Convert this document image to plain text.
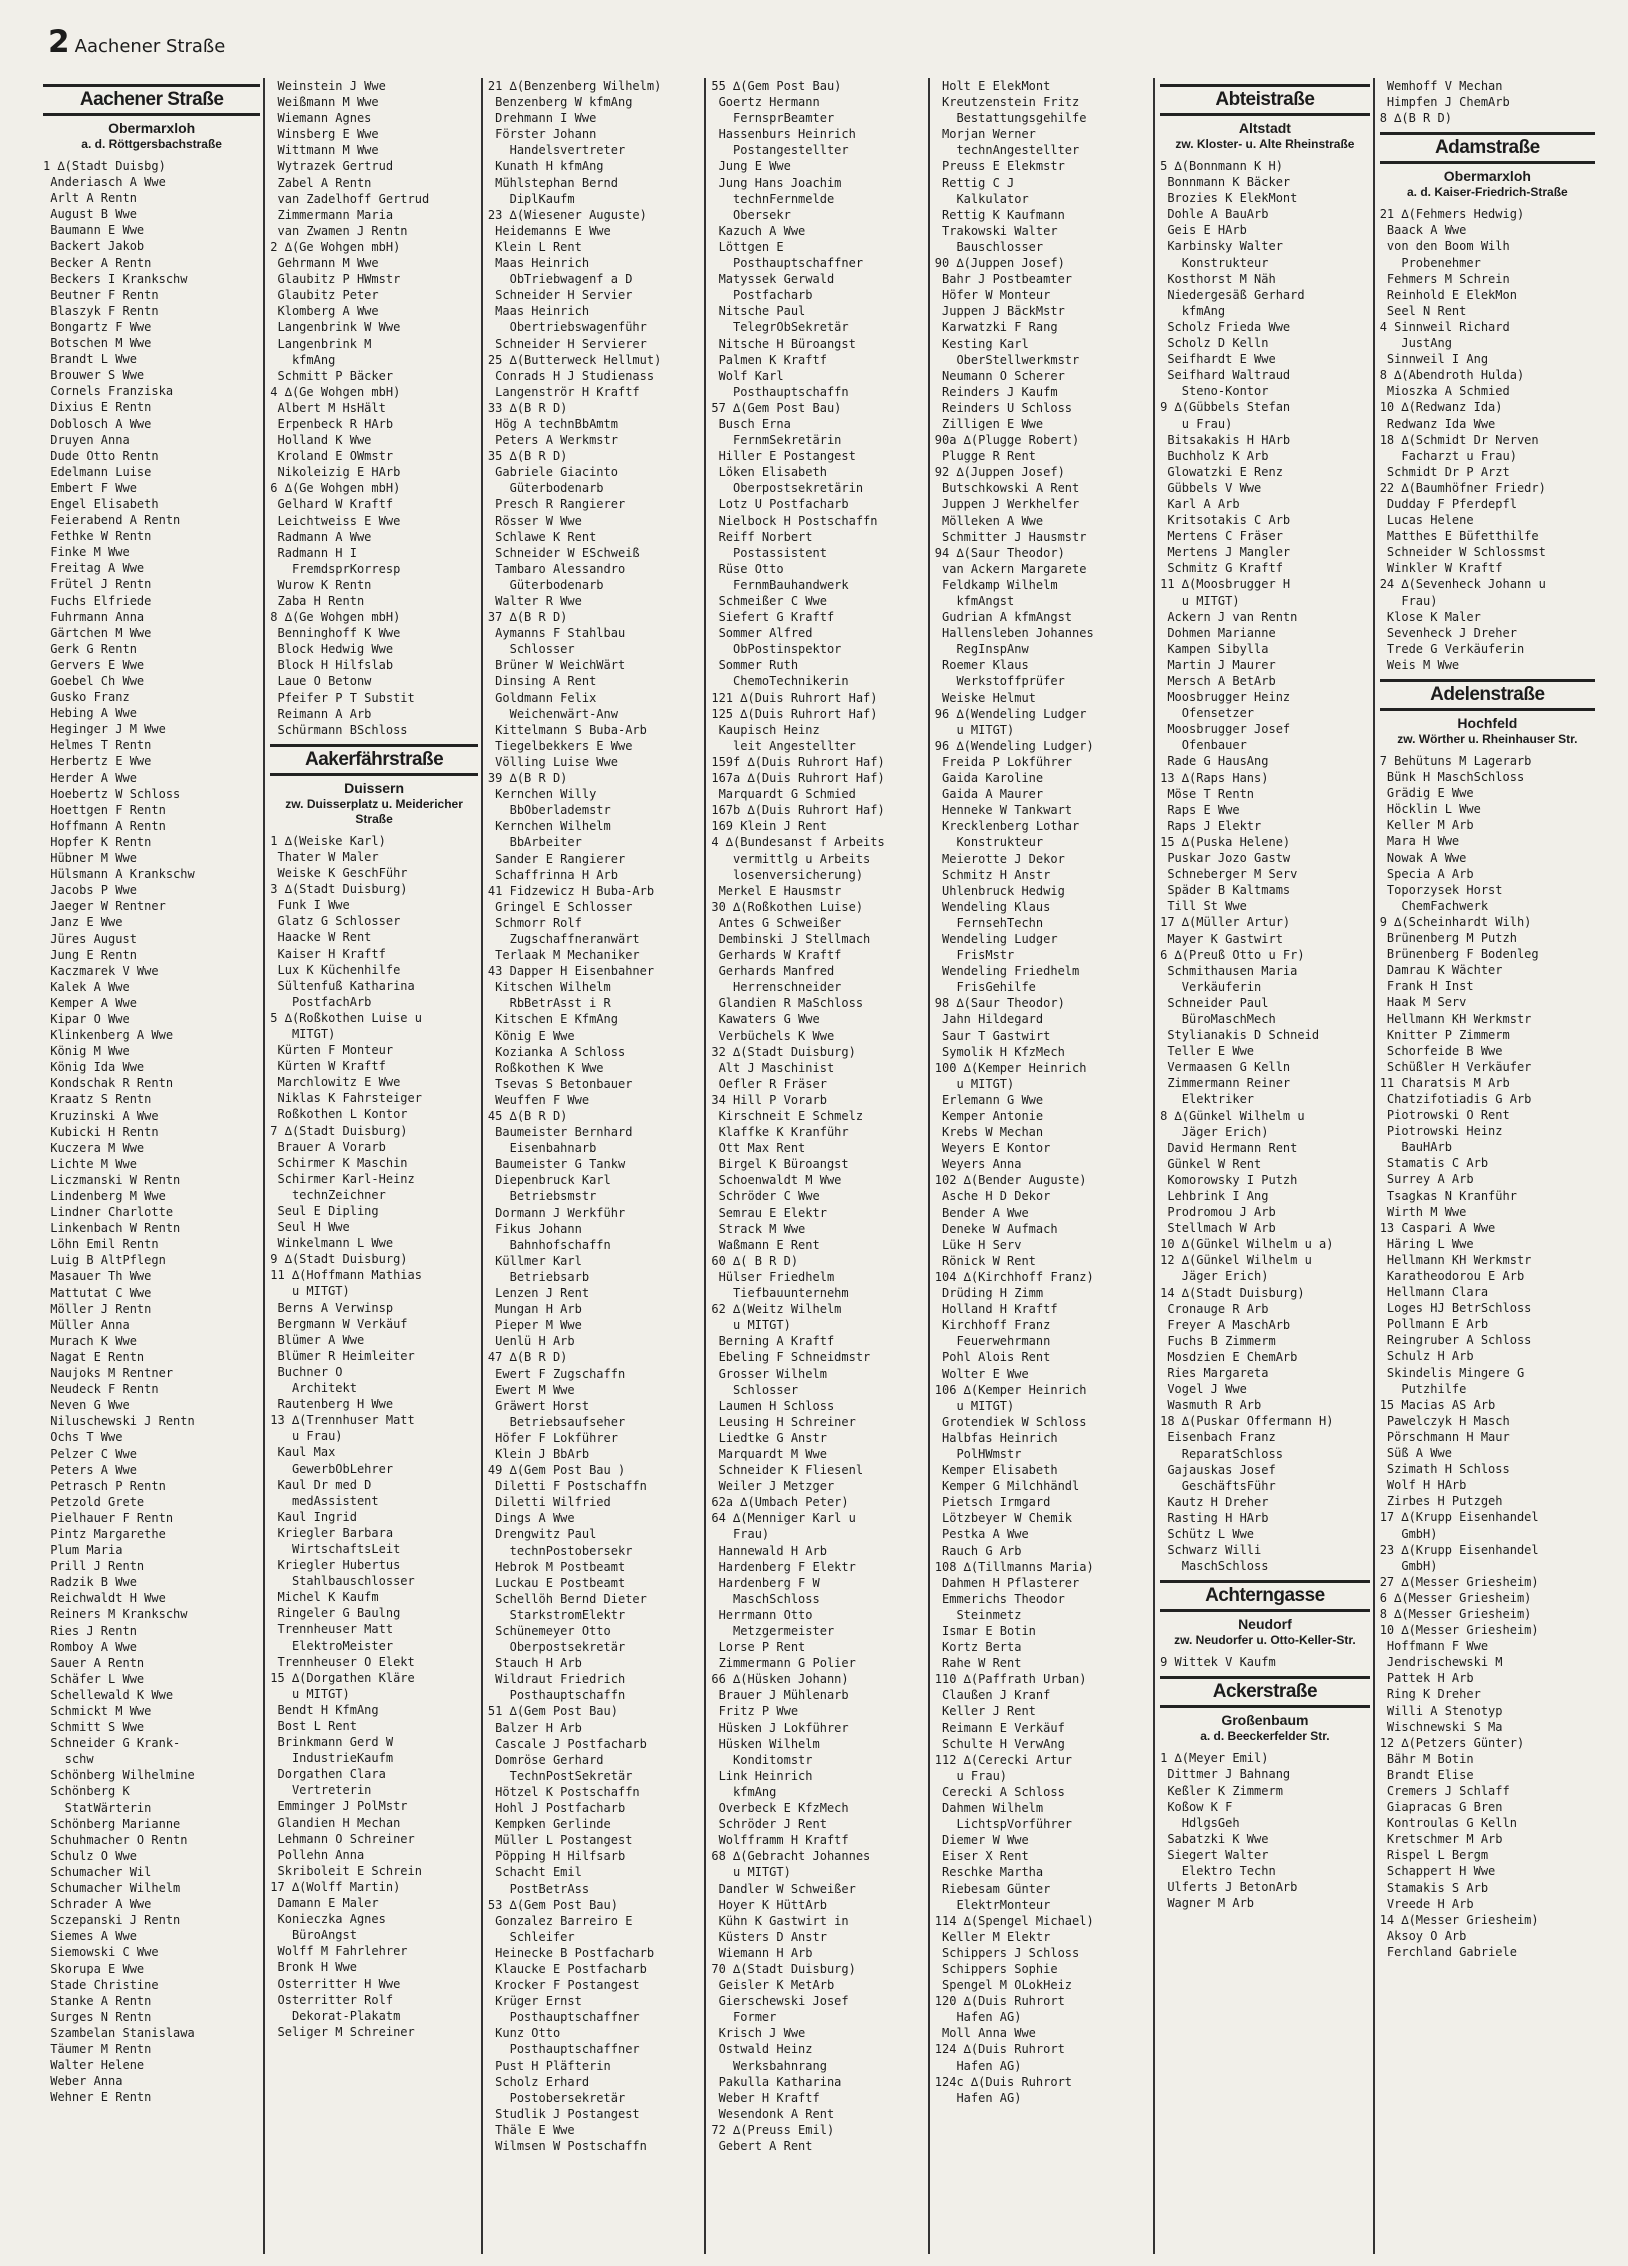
2 Aachener Straße
Aachener Straße
Obermarxloh
a. d. Röttgersbachstraße
1 ∆(Stadt Duisbg)
Anderiasch A Wwe
Arlt A Rentn
August B Wwe
Baumann E Wwe
Backert Jakob
Becker A Rentn
Beckers I Krankschw
Beutner F Rentn
Blaszyk F Rentn
Bongartz F Wwe
Botschen M Wwe
Brandt L Wwe
Brouwer S Wwe
Cornels Franziska
Dixius E Rentn
Doblosch A Wwe
Druyen Anna
Dude Otto Rentn
Edelmann Luise
Embert F Wwe
Engel Elisabeth
Feierabend A Rentn
Fethke W Rentn
Finke M Wwe
Freitag A Wwe
Frütel J Rentn
Fuchs Elfriede
Fuhrmann Anna
Gärtchen M Wwe
Gerk G Rentn
Gervers E Wwe
Goebel Ch Wwe
Gusko Franz
Hebing A Wwe
Heginger J M Wwe
Helmes T Rentn
Herbertz E Wwe
Herder A Wwe
Hoebertz W Schloss
Hoettgen F Rentn
Hoffmann A Rentn
Hopfer K Rentn
Hübner M Wwe
Hülsmann A Krankschw
Jacobs P Wwe
Jaeger W Rentner
Janz E Wwe
Jüres August
Jung E Rentn
Kaczmarek V Wwe
Kalek A Wwe
Kemper A Wwe
Kipar O Wwe
Klinkenberg A Wwe
König M Wwe
König Ida Wwe
Kondschak R Rentn
Kraatz S Rentn
Kruzinski A Wwe
Kubicki H Rentn
Kuczera M Wwe
Lichte M Wwe
Liczmanski W Rentn
Lindenberg M Wwe
Lindner Charlotte
Linkenbach W Rentn
Löhn Emil Rentn
Luig B AltPflegn
Masauer Th Wwe
Mattutat C Wwe
Möller J Rentn
Müller Anna
Murach K Wwe
Nagat E Rentn
Naujoks M Rentner
Neudeck F Rentn
Neven G Wwe
Niluschewski J Rentn
Ochs T Wwe
Pelzer C Wwe
Peters A Wwe
Petrasch P Rentn
Petzold Grete
Pielhauer F Rentn
Pintz Margarethe
Plum Maria
Prill J Rentn
Radzik B Wwe
Reichwaldt H Wwe
Reiners M Krankschw
Ries J Rentn
Romboy A Wwe
Sauer A Rentn
Schäfer L Wwe
Schellewald K Wwe
Schmickt M Wwe
Schmitt S Wwe
Schneider G Krank-
schw
Schönberg Wilhelmine
Schönberg K
StatWärterin
Schönberg Marianne
Schuhmacher O Rentn
Schulz O Wwe
Schumacher Wil
Schumacher Wilhelm
Schrader A Wwe
Sczepanski J Rentn
Siemes A Wwe
Siemowski C Wwe
Skorupa E Wwe
Stade Christine
Stanke A Rentn
Surges N Rentn
Szambelan Stanislawa
Täumer M Rentn
Walter Helene
Weber Anna
Wehner E Rentn
Weinstein J Wwe
Weißmann M Wwe
Wiemann Agnes
Winsberg E Wwe
Wittmann M Wwe
Wytrazek Gertrud
Zabel A Rentn
van Zadelhoff Gertrud
Zimmermann Maria
van Zwamen J Rentn
2 ∆(Ge Wohgen mbH)
Gehrmann M Wwe
Glaubitz P HWmstr
Glaubitz Peter
Klomberg A Wwe
Langenbrink W Wwe
Langenbrink M
kfmAng
Schmitt P Bäcker
4 ∆(Ge Wohgen mbH)
Albert M HsHält
Erpenbeck R HArb
Holland K Wwe
Kroland E OWmstr
Nikoleizig E HArb
6 ∆(Ge Wohgen mbH)
Gelhard W Kraftf
Leichtweiss E Wwe
Radmann A Wwe
Radmann H I
FremdsprKorresp
Wurow K Rentn
Zaba H Rentn
8 ∆(Ge Wohgen mbH)
Benninghoff K Wwe
Block Hedwig Wwe
Block H Hilfslab
Laue O Betonw
Pfeifer P T Substit
Reimann A Arb
Schürmann BSchloss
Aakerfährstraße
Duissern
zw. Duisserplatz u. Meidericher Straße
1 ∆(Weiske Karl)
Thater W Maler
Weiske K GeschFühr
3 ∆(Stadt Duisburg)
Funk I Wwe
Glatz G Schlosser
Haacke W Rent
Kaiser H Kraftf
Lux K Küchenhilfe
Sültenfuß Katharina
PostfachArb
5 ∆(Roßkothen Luise u
MITGT)
Kürten F Monteur
Kürten W Kraftf
Marchlowitz E Wwe
Niklas K Fahrsteiger
Roßkothen L Kontor
7 ∆(Stadt Duisburg)
Brauer A Vorarb
Schirmer K Maschin
Schirmer Karl-Heinz
technZeichner
Seul E Dipling
Seul H Wwe
Winkelmann L Wwe
9 ∆(Stadt Duisburg)
11 ∆(Hoffmann Mathias
u MITGT)
Berns A Verwinsp
Bergmann W Verkäuf
Blümer A Wwe
Blümer R Heimleiter
Buchner O
Architekt
Rautenberg H Wwe
13 ∆(Trennhuser Matt
u Frau)
Kaul Max
GewerbObLehrer
Kaul Dr med D
medAssistent
Kaul Ingrid
Kriegler Barbara
WirtschaftsLeit
Kriegler Hubertus
Stahlbauschlosser
Michel K Kaufm
Ringeler G Baulng
Trennheuser Matt
ElektroMeister
Trennheuser O Elekt
15 ∆(Dorgathen Kläre
u MITGT)
Bendt H KfmAng
Bost L Rent
Brinkmann Gerd W
IndustrieKaufm
Dorgathen Clara
Vertreterin
Emminger J PolMstr
Glandien H Mechan
Lehmann O Schreiner
Pollehn Anna
Skriboleit E Schrein
17 ∆(Wolff Martin)
Damann E Maler
Konieczka Agnes
BüroAngst
Wolff M Fahrlehrer
Bronk H Wwe
Osterritter H Wwe
Osterritter Rolf
Dekorat-Plakatm
Seliger M Schreiner
21 ∆(Benzenberg Wilhelm)
Benzenberg W kfmAng
Drehmann I Wwe
Förster Johann
Handelsvertreter
Kunath H kfmAng
Mühlstephan Bernd
DiplKaufm
23 ∆(Wiesener Auguste)
Heidemanns E Wwe
Klein L Rent
Maas Heinrich
ObTriebwagenf a D
Schneider H Servier
Maas Heinrich
Obertriebswagenführ
Schneider H Servierer
25 ∆(Butterweck Hellmut)
Conrads H J Studienass
Langenströr H Kraftf
33 ∆(B R D)
Hög A technBbAmtm
Peters A Werkmstr
35 ∆(B R D)
Gabriele Giacinto
Güterbodenarb
Presch R Rangierer
Rösser W Wwe
Schlawe K Rent
Schneider W ESchweiß
Tambaro Alessandro
Güterbodenarb
Walter R Wwe
37 ∆(B R D)
Aymanns F Stahlbau
Schlosser
Brüner W WeichWärt
Dinsing A Rent
Goldmann Felix
Weichenwärt-Anw
Kittelmann S Buba-Arb
Tiegelbekkers E Wwe
Völling Luise Wwe
39 ∆(B R D)
Kernchen Willy
BbOberlademstr
Kernchen Wilhelm
BbArbeiter
Sander E Rangierer
Schaffrinna H Arb
41 Fidzewicz H Buba-Arb
Gringel E Schlosser
Schmorr Rolf
Zugschaffneranwärt
Terlaak M Mechaniker
43 Dapper H Eisenbahner
Kitschen Wilhelm
RbBetrAsst i R
Kitschen E KfmAng
König E Wwe
Kozianka A Schloss
Roßkothen K Wwe
Tsevas S Betonbauer
Weuffen F Wwe
45 ∆(B R D)
Baumeister Bernhard
Eisenbahnarb
Baumeister G Tankw
Diepenbruck Karl
Betriebsmstr
Dormann J Werkführ
Fikus Johann
Bahnhofschaffn
Küllmer Karl
Betriebsarb
Lenzen J Rent
Mungan H Arb
Pieper M Wwe
Uenlü H Arb
47 ∆(B R D)
Ewert F Zugschaffn
Ewert M Wwe
Gräwert Horst
Betriebsaufseher
Höfer F Lokführer
Klein J BbArb
49 ∆(Gem Post Bau )
Diletti F Postschaffn
Diletti Wilfried
Dings A Wwe
Drengwitz Paul
technPostobersekr
Hebrok M Postbeamt
Luckau E Postbeamt
Schellöh Bernd Dieter
StarkstromElektr
Schünemeyer Otto
Oberpostsekretär
Stauch H Arb
Wildraut Friedrich
Posthauptschaffn
51 ∆(Gem Post Bau)
Balzer H Arb
Cascale J Postfacharb
Domröse Gerhard
TechnPostSekretär
Hötzel K Postschaffn
Hohl J Postfacharb
Kempken Gerlinde
Müller L Postangest
Pöpping H Hilfsarb
Schacht Emil
PostBetrAss
53 ∆(Gem Post Bau)
Gonzalez Barreiro E
Schleifer
Heinecke B Postfacharb
Klaucke E Postfacharb
Krocker F Postangest
Krüger Ernst
Posthauptschaffner
Kunz Otto
Posthauptschaffner
Pust H Pläfterin
Scholz Erhard
Postobersekretär
Studlik J Postangest
Thäle E Wwe
Wilmsen W Postschaffn
55 ∆(Gem Post Bau)
Goertz Hermann
FernsprBeamter
Hassenburs Heinrich
Postangestellter
Jung E Wwe
Jung Hans Joachim
technFernmelde
Obersekr
Kazuch A Wwe
Löttgen E
Posthauptschaffner
Matyssek Gerwald
Postfacharb
Nitsche Paul
TelegrObSekretär
Nitsche H Büroangst
Palmen K Kraftf
Wolf Karl
Posthauptschaffn
57 ∆(Gem Post Bau)
Busch Erna
FernmSekretärin
Hiller E Postangest
Löken Elisabeth
Oberpostsekretärin
Lotz U Postfacharb
Nielbock H Postschaffn
Reiff Norbert
Postassistent
Rüse Otto
FernmBauhandwerk
Schmeißer C Wwe
Siefert G Kraftf
Sommer Alfred
ObPostinspektor
Sommer Ruth
ChemoTechnikerin
121 ∆(Duis Ruhrort Haf)
125 ∆(Duis Ruhrort Haf)
Kaupisch Heinz
leit Angestellter
159f ∆(Duis Ruhrort Haf)
167a ∆(Duis Ruhrort Haf)
Marquardt G Schmied
167b ∆(Duis Ruhrort Haf)
169 Klein J Rent
4 ∆(Bundesanst f Arbeits
vermittlg u Arbeits
losenversicherung)
Merkel E Hausmstr
30 ∆(Roßkothen Luise)
Antes G Schweißer
Dembinski J Stellmach
Gerhards W Kraftf
Gerhards Manfred
Herrenschneider
Glandien R MaSchloss
Kawaters G Wwe
Verbüchels K Wwe
32 ∆(Stadt Duisburg)
Alt J Maschinist
Oefler R Fräser
34 Hill P Vorarb
Kirschneit E Schmelz
Klaffke K Kranführ
Ott Max Rent
Birgel K Büroangst
Schoenwaldt M Wwe
Schröder C Wwe
Semrau E Elektr
Strack M Wwe
Waßmann E Rent
60 ∆( B R D)
Hülser Friedhelm
Tiefbauunternehm
62 ∆(Weitz Wilhelm
u MITGT)
Berning A Kraftf
Ebeling F Schneidmstr
Grosser Wilhelm
Schlosser
Laumen H Schloss
Leusing H Schreiner
Liedtke G Anstr
Marquardt M Wwe
Schneider K Fliesenl
Weiler J Metzger
62a ∆(Umbach Peter)
64 ∆(Menniger Karl u
Frau)
Hannewald H Arb
Hardenberg F Elektr
Hardenberg F W
MaschSchloss
Herrmann Otto
Metzgermeister
Lorse P Rent
Zimmermann G Polier
66 ∆(Hüsken Johann)
Brauer J Mühlenarb
Fritz P Wwe
Hüsken J Lokführer
Hüsken Wilhelm
Konditomstr
Link Heinrich
kfmAng
Overbeck E KfzMech
Schröder J Rent
Wolfframm H Kraftf
68 ∆(Gebracht Johannes
u MITGT)
Dandler W Schweißer
Hoyer K HüttArb
Kühn K Gastwirt in
Küsters D Anstr
Wiemann H Arb
70 ∆(Stadt Duisburg)
Geisler K MetArb
Gierschewski Josef
Former
Krisch J Wwe
Ostwald Heinz
Werksbahnrang
Pakulla Katharina
Weber H Kraftf
Wesendonk A Rent
72 ∆(Preuss Emil)
Gebert A Rent
Holt E ElekMont
Kreutzenstein Fritz
Bestattungsgehilfe
Morjan Werner
technAngestellter
Preuss E Elekmstr
Rettig C J
Kalkulator
Rettig K Kaufmann
Trakowski Walter
Bauschlosser
90 ∆(Juppen Josef)
Bahr J Postbeamter
Höfer W Monteur
Juppen J BäckMstr
Karwatzki F Rang
Kesting Karl
OberStellwerkmstr
Neumann O Scherer
Reinders J Kaufm
Reinders U Schloss
Zilligen E Wwe
90a ∆(Plugge Robert)
Plugge R Rent
92 ∆(Juppen Josef)
Butschkowski A Rent
Juppen J Werkhelfer
Mölleken A Wwe
Schmitter J Hausmstr
94 ∆(Saur Theodor)
van Ackern Margarete
Feldkamp Wilhelm
kfmAngst
Gudrian A kfmAngst
Hallensleben Johannes
RegInspAnw
Roemer Klaus
Werkstoffprüfer
Weiske Helmut
96 ∆(Wendeling Ludger
u MITGT)
96 ∆(Wendeling Ludger)
Freida P Lokführer
Gaida Karoline
Gaida A Maurer
Henneke W Tankwart
Krecklenberg Lothar
Konstrukteur
Meierotte J Dekor
Schmitz H Anstr
Uhlenbruck Hedwig
Wendeling Klaus
FernsehTechn
Wendeling Ludger
FrisMstr
Wendeling Friedhelm
FrisGehilfe
98 ∆(Saur Theodor)
Jahn Hildegard
Saur T Gastwirt
Symolik H KfzMech
100 ∆(Kemper Heinrich
u MITGT)
Erlemann G Wwe
Kemper Antonie
Krebs W Mechan
Weyers E Kontor
Weyers Anna
102 ∆(Bender Auguste)
Asche H D Dekor
Bender A Wwe
Deneke W Aufmach
Lüke H Serv
Rönick W Rent
104 ∆(Kirchhoff Franz)
Drüding H Zimm
Holland H Kraftf
Kirchhoff Franz
Feuerwehrmann
Pohl Alois Rent
Wolter E Wwe
106 ∆(Kemper Heinrich
u MITGT)
Grotendiek W Schloss
Halbfas Heinrich
PolHWmstr
Kemper Elisabeth
Kemper G Milchhändl
Pietsch Irmgard
Lötzbeyer W Chemik
Pestka A Wwe
Rauch G Arb
108 ∆(Tillmanns Maria)
Dahmen H Pflasterer
Emmerichs Theodor
Steinmetz
Ismar E Botin
Kortz Berta
Rahe W Rent
110 ∆(Paffrath Urban)
Claußen J Kranf
Keller J Rent
Reimann E Verkäuf
Schulte H VerwAng
112 ∆(Cerecki Artur
u Frau)
Cerecki A Schloss
Dahmen Wilhelm
LichtspVorführer
Diemer W Wwe
Eiser X Rent
Reschke Martha
Riebesam Günter
ElektrMonteur
114 ∆(Spengel Michael)
Keller M Elektr
Schippers J Schloss
Schippers Sophie
Spengel M OLokHeiz
120 ∆(Duis Ruhrort
Hafen AG)
Moll Anna Wwe
124 ∆(Duis Ruhrort
Hafen AG)
124c ∆(Duis Ruhrort
Hafen AG)
Abteistraße
Altstadt
zw. Kloster- u. Alte Rheinstraße
5 ∆(Bonnmann K H)
Bonnmann K Bäcker
Brozies K ElekMont
Dohle A BauArb
Geis E HArb
Karbinsky Walter
Konstrukteur
Kosthorst M Näh
Niedergesäß Gerhard
kfmAng
Scholz Frieda Wwe
Scholz D Kelln
Seifhardt E Wwe
Seifhard Waltraud
Steno-Kontor
9 ∆(Gübbels Stefan
u Frau)
Bitsakakis H HArb
Buchholz K Arb
Glowatzki E Renz
Gübbels V Wwe
Karl A Arb
Kritsotakis C Arb
Mertens C Fräser
Mertens J Mangler
Schmitz G Kraftf
11 ∆(Moosbrugger H
u MITGT)
Ackern J van Rentn
Dohmen Marianne
Kampen Sibylla
Martin J Maurer
Mersch A BetArb
Moosbrugger Heinz
Ofensetzer
Moosbrugger Josef
Ofenbauer
Rade G HausAng
13 ∆(Raps Hans)
Möse T Rentn
Raps E Wwe
Raps J Elektr
15 ∆(Puska Helene)
Puskar Jozo Gastw
Schneberger M Serv
Späder B Kaltmams
Till St Wwe
17 ∆(Müller Artur)
Mayer K Gastwirt
6 ∆(Preuß Otto u Fr)
Schmithausen Maria
Verkäuferin
Schneider Paul
BüroMaschMech
Stylianakis D Schneid
Teller E Wwe
Vermaasen G Kelln
Zimmermann Reiner
Elektriker
8 ∆(Günkel Wilhelm u
Jäger Erich)
David Hermann Rent
Günkel W Rent
Komorowsky I Putzh
Lehbrink I Ang
Prodromou J Arb
Stellmach W Arb
10 ∆(Günkel Wilhelm u a)
12 ∆(Günkel Wilhelm u
Jäger Erich)
14 ∆(Stadt Duisburg)
Cronauge R Arb
Freyer A MaschArb
Fuchs B Zimmerm
Mosdzien E ChemArb
Ries Margareta
Vogel J Wwe
Wasmuth R Arb
18 ∆(Puskar Offermann H)
Eisenbach Franz
ReparatSchloss
Gajauskas Josef
GeschäftsFühr
Kautz H Dreher
Rasting H HArb
Schütz L Wwe
Schwarz Willi
MaschSchloss
Achterngasse
Neudorf
zw. Neudorfer u. Otto-Keller-Str.
9 Wittek V Kaufm
Ackerstraße
Großenbaum
a. d. Beeckerfelder Str.
1 ∆(Meyer Emil)
Dittmer J Bahnang
Keßler K Zimmerm
Koßow K F
HdlgsGeh
Sabatzki K Wwe
Siegert Walter
Elektro Techn
Ulferts J BetonArb
Wagner M Arb
Wemhoff V Mechan
Himpfen J ChemArb
8 ∆(B R D)
Adamstraße
Obermarxloh
a. d. Kaiser-Friedrich-Straße
21 ∆(Fehmers Hedwig)
Baack A Wwe
von den Boom Wilh
Probenehmer
Fehmers M Schrein
Reinhold E ElekMon
Seel N Rent
4 Sinnweil Richard
JustAng
Sinnweil I Ang
8 ∆(Abendroth Hulda)
Mioszka A Schmied
10 ∆(Redwanz Ida)
Redwanz Ida Wwe
18 ∆(Schmidt Dr Nerven
Facharzt u Frau)
Schmidt Dr P Arzt
22 ∆(Baumhöfner Friedr)
Dudday F Pferdepfl
Lucas Helene
Matthes E Büfetthilfe
Schneider W Schlossmst
Winkler W Kraftf
24 ∆(Sevenheck Johann u
Frau)
Klose K Maler
Sevenheck J Dreher
Trede G Verkäuferin
Weis M Wwe
Adelenstraße
Hochfeld
zw. Wörther u. Rheinhauser Str.
7 Behütuns M Lagerarb
Bünk H MaschSchloss
Grädig E Wwe
Höcklin L Wwe
Keller M Arb
Mara H Wwe
Nowak A Wwe
Specia A Arb
Toporzysek Horst
ChemFachwerk
9 ∆(Scheinhardt Wilh)
Brünenberg M Putzh
Brünenberg F Bodenleg
Damrau K Wächter
Frank H Inst
Haak M Serv
Hellmann KH Werkmstr
Knitter P Zimmerm
Schorfeide B Wwe
Schüßler H Verkäufer
11 Charatsis M Arb
Chatzifotiadis G Arb
Piotrowski O Rent
Piotrowski Heinz
BauHArb
Stamatis C Arb
Surrey A Arb
Tsagkas N Kranführ
Wirth M Wwe
13 Caspari A Wwe
Häring L Wwe
Hellmann KH Werkmstr
Karatheodorou E Arb
Hellmann Clara
Loges HJ BetrSchloss
Pollmann E Arb
Reingruber A Schloss
Schulz H Arb
Skindelis Mingere G
Putzhilfe
15 Macias AS Arb
Pawelczyk H Masch
Pörschmann H Maur
Süß A Wwe
Szimath H Schloss
Wolf H HArb
Zirbes H Putzgeh
17 ∆(Krupp Eisenhandel
GmbH)
23 ∆(Krupp Eisenhandel
GmbH)
27 ∆(Messer Griesheim)
6 ∆(Messer Griesheim)
8 ∆(Messer Griesheim)
10 ∆(Messer Griesheim)
Hoffmann F Wwe
Jendrischewski M
Pattek H Arb
Ring K Dreher
Willi A Stenotyp
Wischnewski S Ma
12 ∆(Petzers Günter)
Bähr M Botin
Brandt Elise
Cremers J Schlaff
Giapracas G Bren
Kontroulas G Kelln
Kretschmer M Arb
Rispel L Bergm
Schappert H Wwe
Stamakis S Arb
Vreede H Arb
14 ∆(Messer Griesheim)
Aksoy O Arb
Ferchland Gabriele
